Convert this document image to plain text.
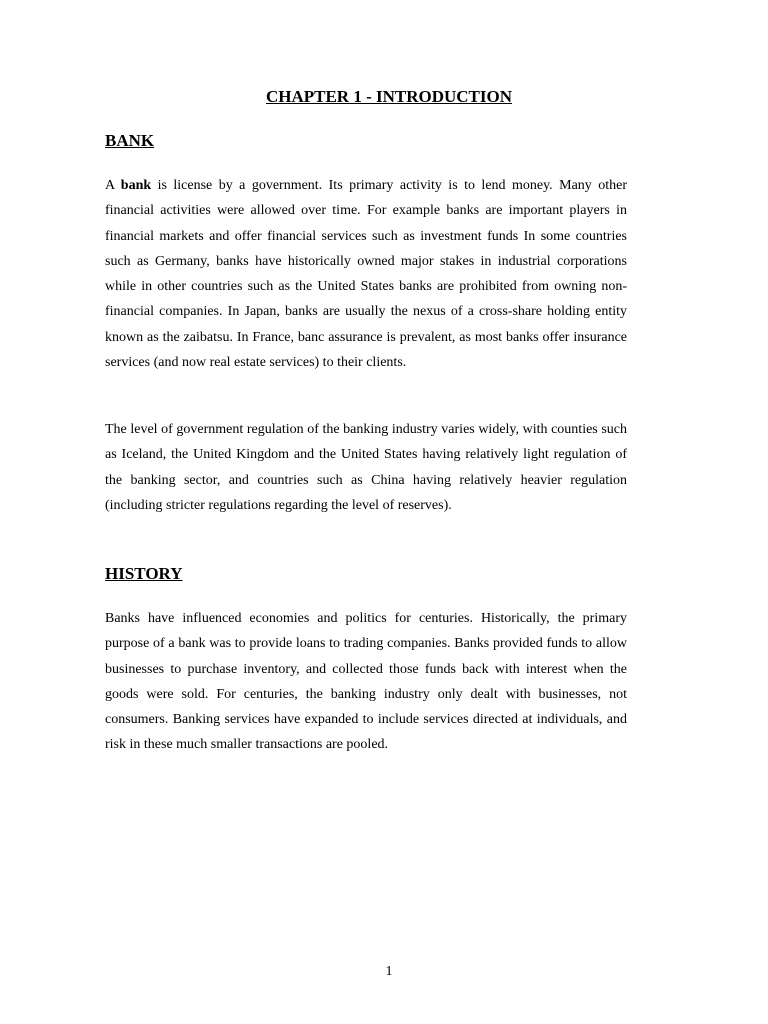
CHAPTER 1 - INTRODUCTION
BANK

A bank is license by a government. Its primary activity is to lend money. Many other financial activities were allowed over time. For example banks are important players in financial markets and offer financial services such as investment funds In some countries such as Germany, banks have historically owned major stakes in industrial corporations while in other countries such as the United States banks are prohibited from owning non-financial companies. In Japan, banks are usually the nexus of a cross-share holding entity known as the zaibatsu. In France, banc assurance is prevalent, as most banks offer insurance services (and now real estate services) to their clients.

The level of government regulation of the banking industry varies widely, with counties such as Iceland, the United Kingdom and the United States having relatively light regulation of the banking sector, and countries such as China having relatively heavier regulation (including stricter regulations regarding the level of reserves).

HISTORY

Banks have influenced economies and politics for centuries. Historically, the primary purpose of a bank was to provide loans to trading companies. Banks provided funds to allow businesses to purchase inventory, and collected those funds back with interest when the goods were sold. For centuries, the banking industry only dealt with businesses, not consumers. Banking services have expanded to include services directed at individuals, and risk in these much smaller transactions are pooled.

1
